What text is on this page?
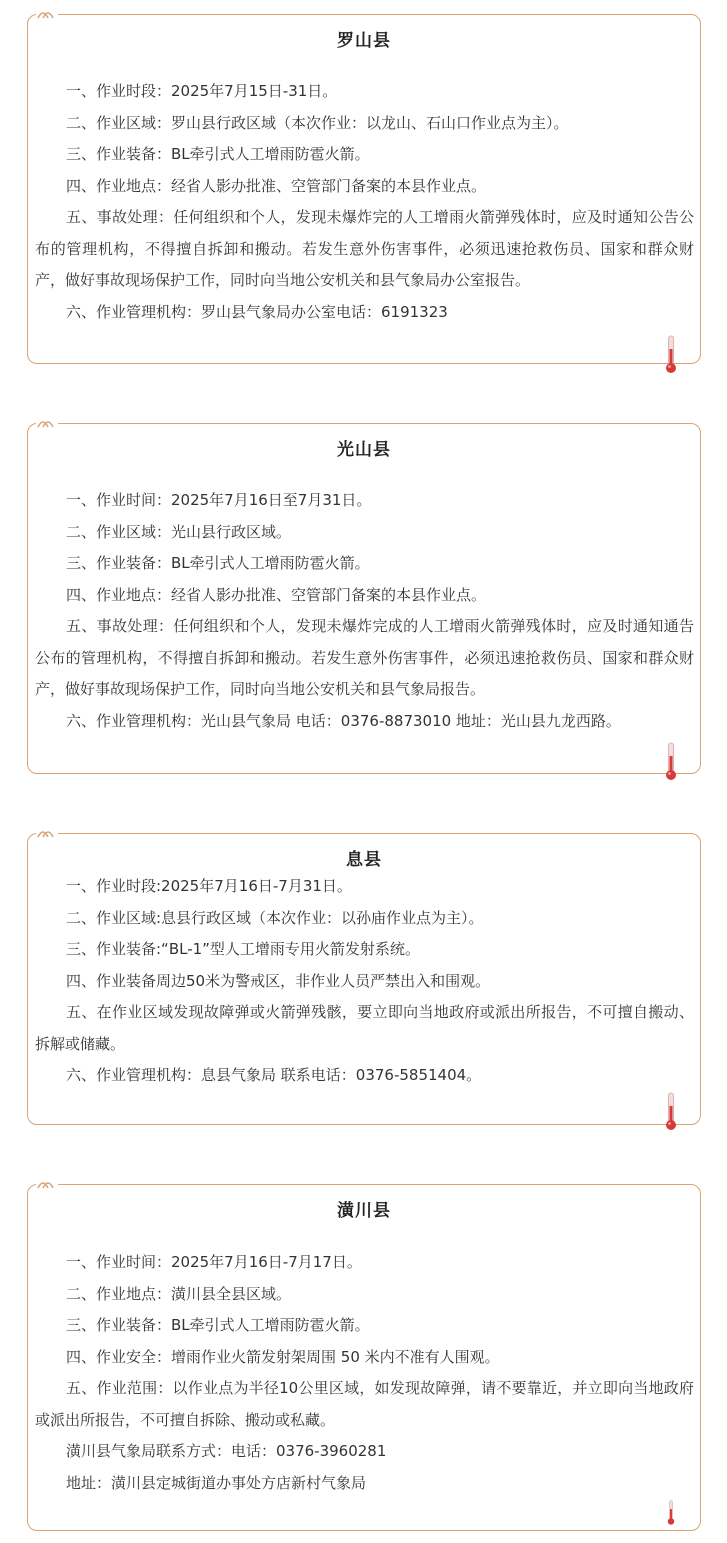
罗山县
一、作业时段：2025年7月15日-31日。
二、作业区域：罗山县行政区域（本次作业：以龙山、石山口作业点为主）。
三、作业装备：BL牵引式人工增雨防雹火箭。
四、作业地点：经省人影办批准、空管部门备案的本县作业点。
五、事故处理：任何组织和个人，发现未爆炸完的人工增雨火箭弹残体时，应及时通知公告公布的管理机构，不得擅自拆卸和搬动。若发生意外伤害事件，必须迅速抢救伤员、国家和群众财产，做好事故现场保护工作，同时向当地公安机关和县气象局办公室报告。
六、作业管理机构：罗山县气象局办公室电话：6191323
光山县
一、作业时间：2025年7月16日至7月31日。
二、作业区域：光山县行政区域。
三、作业装备：BL牵引式人工增雨防雹火箭。
四、作业地点：经省人影办批准、空管部门备案的本县作业点。
五、事故处理：任何组织和个人，发现未爆炸完成的人工增雨火箭弹残体时，应及时通知通告公布的管理机构，不得擅自拆卸和搬动。若发生意外伤害事件，必须迅速抢救伤员、国家和群众财产，做好事故现场保护工作，同时向当地公安机关和县气象局报告。
六、作业管理机构：光山县气象局 电话：0376-8873010 地址：光山县九龙西路。
息县
一、作业时段:2025年7月16日-7月31日。
二、作业区域:息县行政区域（本次作业：以孙庙作业点为主）。
三、作业装备:“BL-1”型人工增雨专用火箭发射系统。
四、作业装备周边50米为警戒区，非作业人员严禁出入和围观。
五、在作业区域发现故障弹或火箭弹残骸，要立即向当地政府或派出所报告，不可擅自搬动、拆解或储藏。
六、作业管理机构：息县气象局 联系电话：0376-5851404。
潢川县
一、作业时间：2025年7月16日-7月17日。
二、作业地点：潢川县全县区域。
三、作业装备：BL牵引式人工增雨防雹火箭。
四、作业安全：增雨作业火箭发射架周围 50 米内不准有人围观。
五、作业范围：以作业点为半径10公里区域，如发现故障弹，请不要靠近，并立即向当地政府或派出所报告，不可擅自拆除、搬动或私藏。
潢川县气象局联系方式：电话：0376-3960281
地址：潢川县定城街道办事处方店新村气象局
